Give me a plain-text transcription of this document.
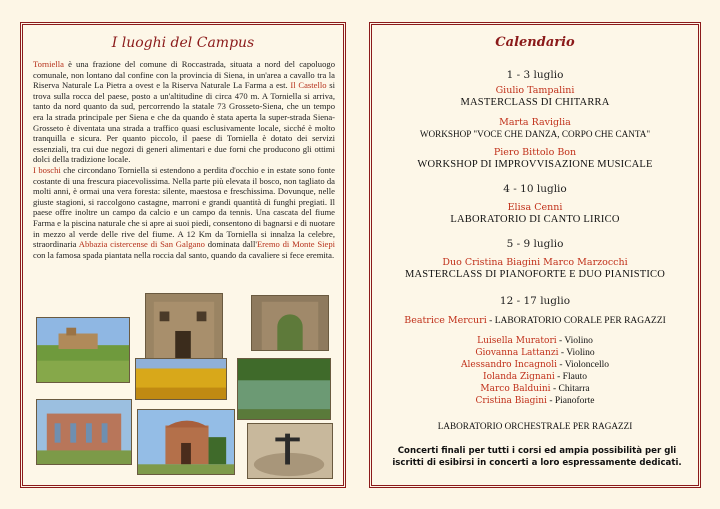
I luoghi del Campus

Torniella è una frazione del comune di Roccastrada, situata a nord del capoluogo comunale, non lontano dal confine con la provincia di Siena, in un'area a cavallo tra la Riserva Naturale La Pietra a ovest e la Riserva Naturale La Farma a est. Il Castello si trova sulla rocca del paese, posto a un'altitudine di circa 470 m. A Torniella si arriva, tanto da nord quanto da sud, percorrendo la statale 73 Grosseto-Siena, che un tempo era la strada principale per Siena e che da quando è stata aperta la super-strada Siena-Grosseto è diventata una strada a traffico quasi esclusivamente locale, sicché è molto tranquilla e sicura. Per quanto piccolo, il paese di Torniella è dotato dei servizi essenziali, tra cui due negozi di generi alimentari e due forni che producono gli ottimi dolci della tradizione locale.

I boschi che circondano Torniella si estendono a perdita d'occhio e in estate sono fonte costante di una frescura piacevolissima. Nella parte più elevata il bosco, non tagliato da molti anni, è ormai una vera foresta: silente, maestosa e freschissima. Dovunque, nelle giuste stagioni, si raccolgono castagne, marroni e grandi quantità di funghi pregiati. Il paese offre inoltre un campo da calcio e un campo da tennis. Una cascata del fiume Farma e la piscina naturale che si apre ai suoi piedi, consentono di bagnarsi e di nuotare in mezzo al verde delle rive del fiume. A 12 Km da Torniella si innalza la celebre, straordinaria Abbazia cistercense di San Galgano dominata dall'Eremo di Monte Siepi con la famosa spada piantata nella roccia dal santo, quando da cavaliere si fece eremita.

Calendario
1 - 3 luglio
Giulio Tampalini
MASTERCLASS DI CHITARRA
Marta Raviglia
WORKSHOP "VOCE CHE DANZA, CORPO CHE CANTA"
Piero Bittolo Bon
WORKSHOP DI IMPROVVISAZIONE MUSICALE
4 - 10 luglio
Elisa Cenni
LABORATORIO DI CANTO LIRICO
5 - 9 luglio
Duo Cristina Biagini Marco Marzocchi
MASTERCLASS DI PIANOFORTE E DUO PIANISTICO
12 - 17 luglio
Beatrice Mercuri - LABORATORIO CORALE PER RAGAZZI
Luisella Muratori - Violino
Giovanna Lattanzi - Violino
Alessandro Incagnoli - Violoncello
Iolanda Zignani - Flauto
Marco Balduini - Chitarra
Cristina Biagini - Pianoforte
LABORATORIO ORCHESTRALE PER RAGAZZI
Concerti finali per tutti i corsi ed ampia possibilità per gli iscritti di esibirsi in concerti a loro espressamente dedicati.
